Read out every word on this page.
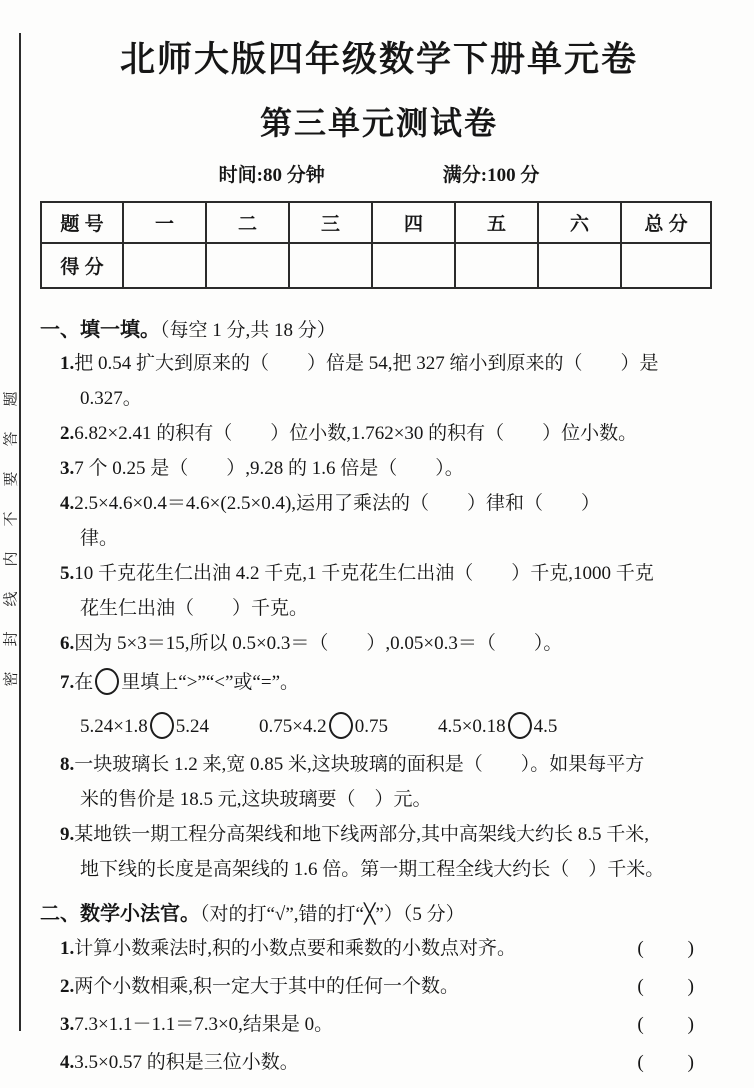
密封线内不要答题
北师大版四年级数学下册单元卷
第三单元测试卷
时间:80 分钟	满分:100 分
题 号	一	二	三	四	五	六	总 分
得 分							
一、填一填。（每空 1 分,共 18 分）
1.把 0.54 扩大到原来的（　　）倍是 54,把 327 缩小到原来的（　　）是
0.327。
2.6.82×2.41 的积有（　　）位小数,1.762×30 的积有（　　）位小数。
3.7 个 0.25 是（　　）,9.28 的 1.6 倍是（　　）。
4.2.5×4.6×0.4＝4.6×(2.5×0.4),运用了乘法的（　　）律和（　　）
律。
5.10 千克花生仁出油 4.2 千克,1 千克花生仁出油（　　）千克,1000 千克
花生仁出油（　　）千克。
6.因为 5×3＝15,所以 0.5×0.3＝（　　）,0.05×0.3＝（　　）。
7.在 里填上“>”“<”或“=”。
5.24×1.8 5.24	0.75×4.2 0.75	4.5×0.18 4.5
8.一块玻璃长 1.2 来,宽 0.85 米,这块玻璃的面积是（　　）。如果每平方
米的售价是 18.5 元,这块玻璃要（　）元。
9.某地铁一期工程分高架线和地下线两部分,其中高架线大约长 8.5 千米,
地下线的长度是高架线的 1.6 倍。第一期工程全线大约长（　）千米。
二、数学小法官。（对的打“√”,错的打“╳”）（5 分）
1.计算小数乘法时,积的小数点要和乘数的小数点对齐。	(　　)
2.两个小数相乘,积一定大于其中的任何一个数。	(　　)
3.7.3×1.1－1.1＝7.3×0,结果是 0。	(　　)
4.3.5×0.57 的积是三位小数。	(　　)
